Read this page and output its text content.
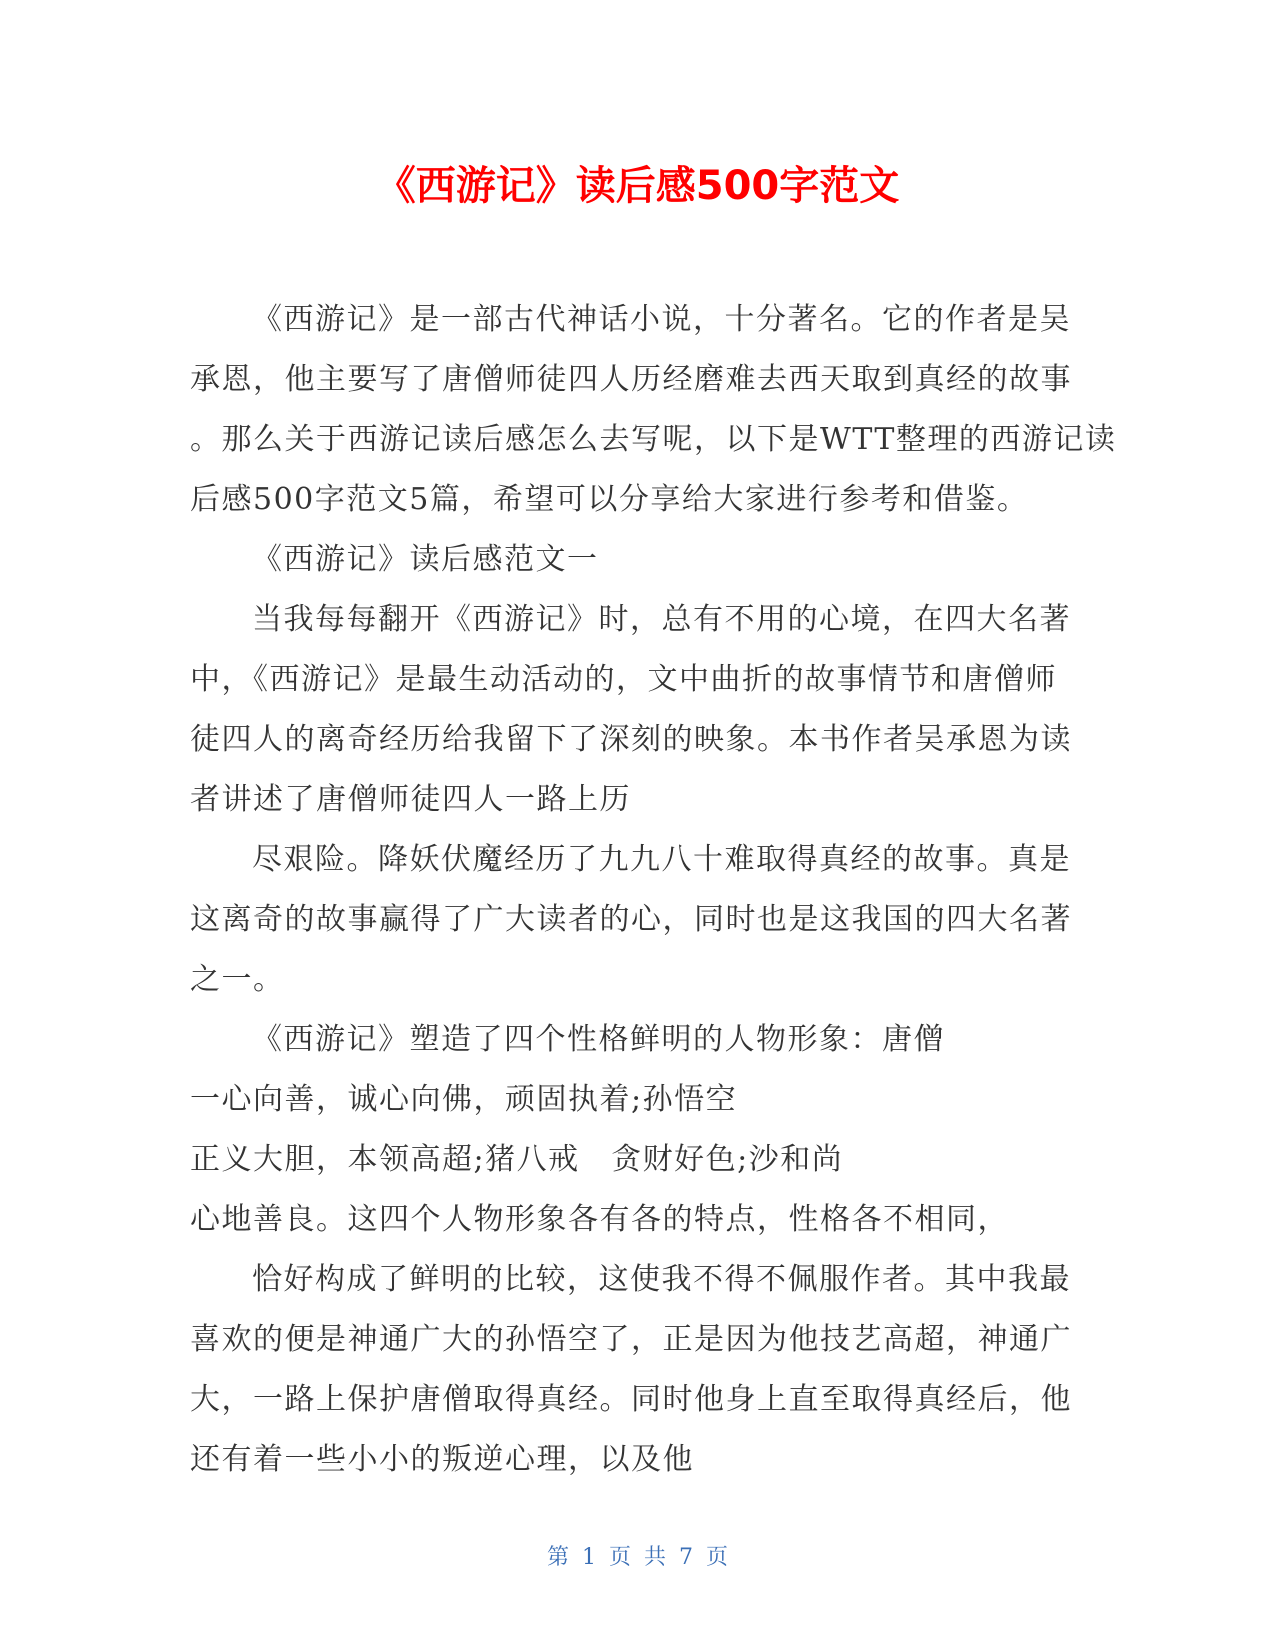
《西游记》读后感500字范文
《西游记》是一部古代神话小说，十分著名。它的作者是吴
承恩，他主要写了唐僧师徒四人历经磨难去西天取到真经的故事
。那么关于西游记读后感怎么去写呢，以下是WTT整理的西游记读
后感500字范文5篇，希望可以分享给大家进行参考和借鉴。
《西游记》读后感范文一
当我每每翻开《西游记》时，总有不用的心境，在四大名著
中，《西游记》是最生动活动的，文中曲折的故事情节和唐僧师
徒四人的离奇经历给我留下了深刻的映象。本书作者吴承恩为读
者讲述了唐僧师徒四人一路上历
尽艰险。降妖伏魔经历了九九八十难取得真经的故事。真是
这离奇的故事赢得了广大读者的心，同时也是这我国的四大名著
之一。
《西游记》塑造了四个性格鲜明的人物形象：唐僧
一心向善，诚心向佛，顽固执着;孙悟空
正义大胆，本领高超;猪八戒　贪财好色;沙和尚
心地善良。这四个人物形象各有各的特点，性格各不相同，
恰好构成了鲜明的比较，这使我不得不佩服作者。其中我最
喜欢的便是神通广大的孙悟空了，正是因为他技艺高超，神通广
大，一路上保护唐僧取得真经。同时他身上直至取得真经后，他
还有着一些小小的叛逆心理，以及他
第 1 页 共 7 页
